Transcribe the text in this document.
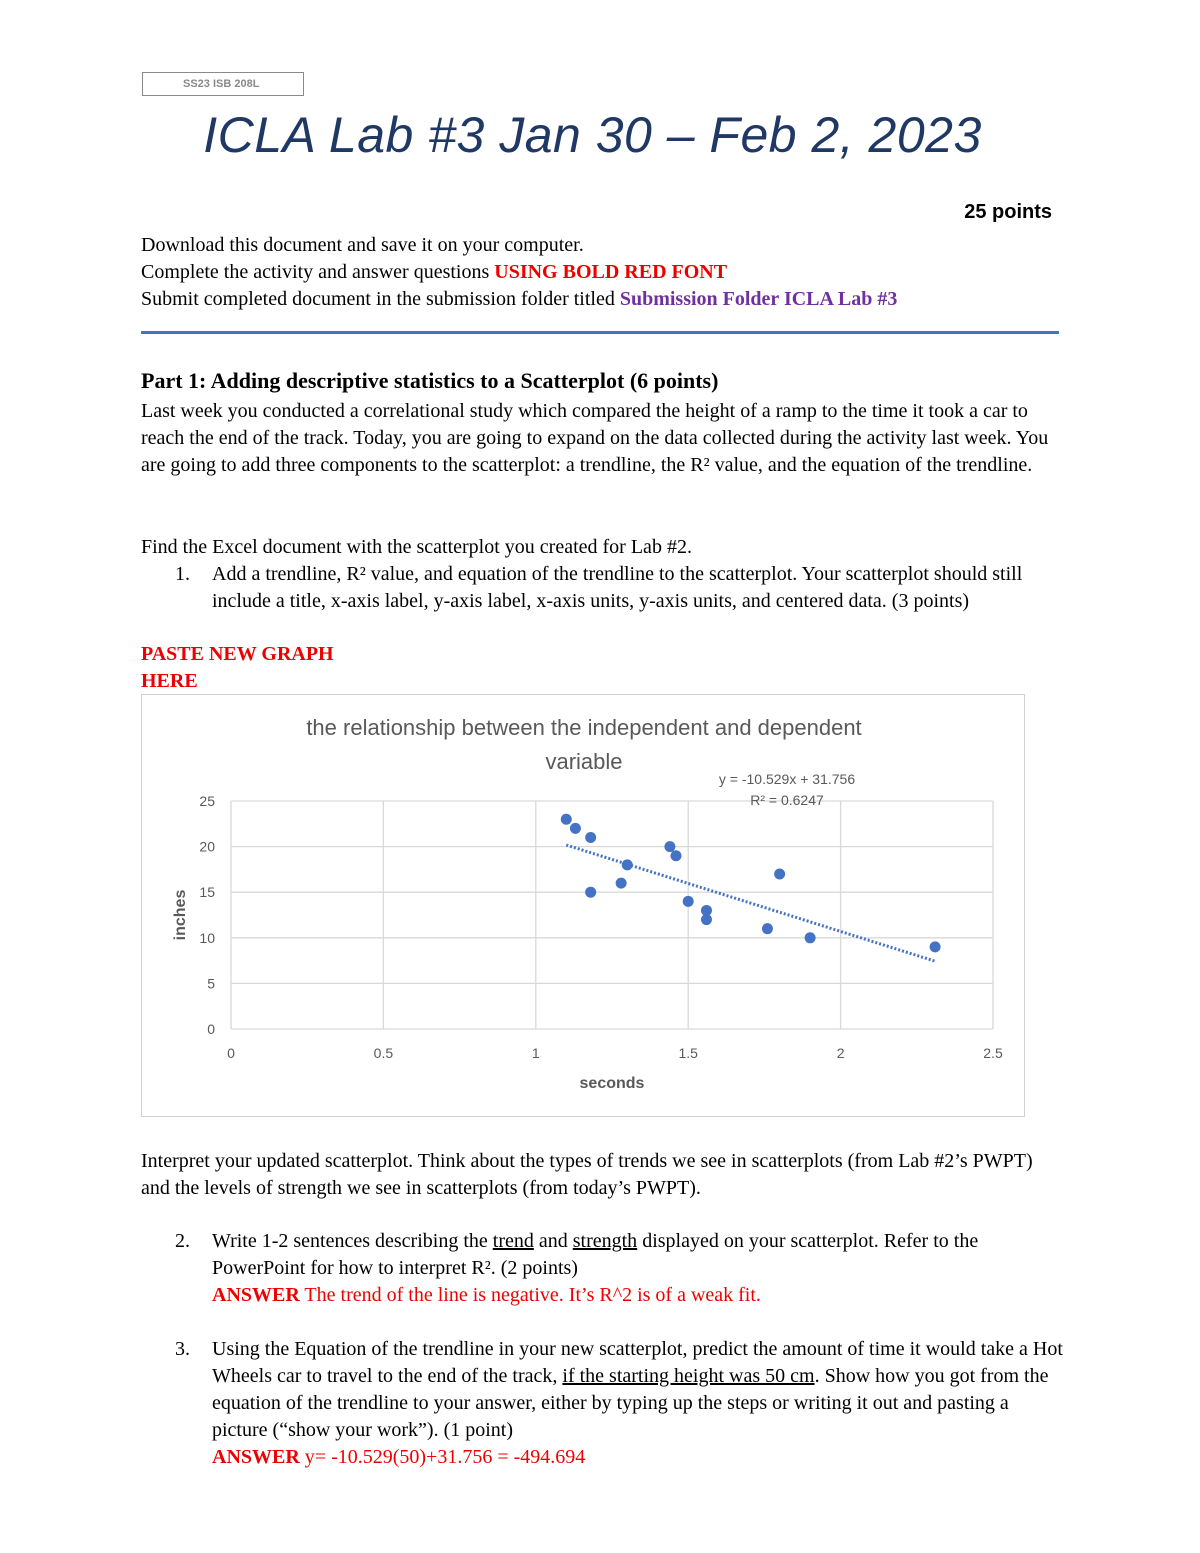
SS23 ISB 208L
ICLA Lab #3 Jan 30 – Feb 2, 2023
25 points
Download this document and save it on your computer.
Complete the activity and answer questions USING BOLD RED FONT
Submit completed document in the submission folder titled Submission Folder ICLA Lab #3
Part 1: Adding descriptive statistics to a Scatterplot (6 points)
Last week you conducted a correlational study which compared the height of a ramp to the time it took a car to reach the end of the track. Today, you are going to expand on the data collected during the activity last week. You are going to add three components to the scatterplot: a trendline, the R² value, and the equation of the trendline.
Find the Excel document with the scatterplot you created for Lab #2.
1. Add a trendline, R² value, and equation of the trendline to the scatterplot. Your scatterplot should still include a title, x-axis label, y-axis label, x-axis units, y-axis units, and centered data. (3 points)
PASTE NEW GRAPH
HERE
the relationship between the independent and dependent
variable
0
5
10
15
20
25
0	0.5	1	1.5	2	2.5
seconds
inches
y = -10.529x + 31.756
R² = 0.6247
Interpret your updated scatterplot. Think about the types of trends we see in scatterplots (from Lab #2’s PWPT) and the levels of strength we see in scatterplots (from today’s PWPT).
2. Write 1-2 sentences describing the trend and strength displayed on your scatterplot. Refer to the PowerPoint for how to interpret R². (2 points)
ANSWER The trend of the line is negative. It’s R^2 is of a weak fit.
3. Using the Equation of the trendline in your new scatterplot, predict the amount of time it would take a Hot Wheels car to travel to the end of the track, if the starting height was 50 cm. Show how you got from the equation of the trendline to your answer, either by typing up the steps or writing it out and pasting a picture (“show your work”). (1 point)
ANSWER y= -10.529(50)+31.756 = -494.694
